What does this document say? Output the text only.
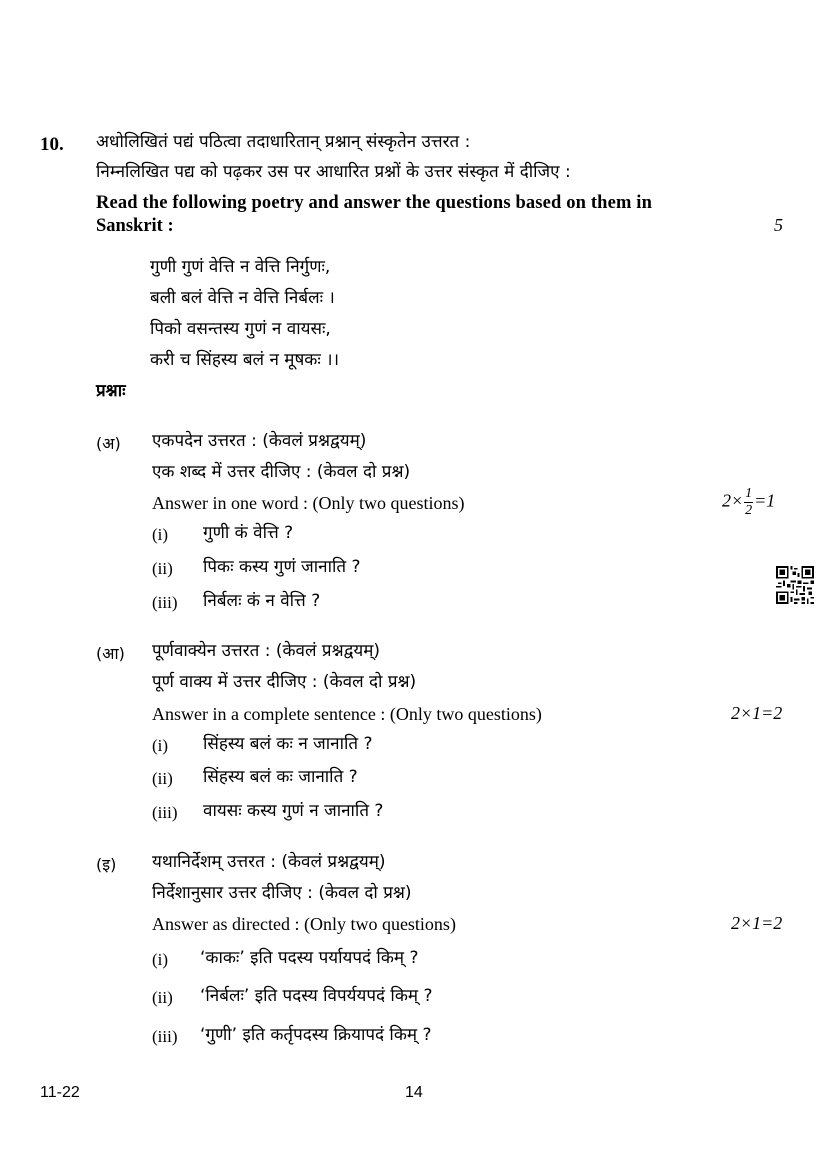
10. अधोलिखितं पद्यं पठित्वा तदाधारितान् प्रश्नान् संस्कृतेन उत्तरत :
निम्नलिखित पद्य को पढ़कर उस पर आधारित प्रश्नों के उत्तर संस्कृत में दीजिए :
Read the following poetry and answer the questions based on them in
Sanskrit :	5
गुणी गुणं वेत्ति न वेत्ति निर्गुणः,
बली बलं वेत्ति न वेत्ति निर्बलः ।
पिको वसन्तस्य गुणं न वायसः,
करी च सिंहस्य बलं न मूषकः ।।
प्रश्नाः
(अ) एकपदेन उत्तरत : (केवलं प्रश्नद्वयम्)
एक शब्द में उत्तर दीजिए : (केवल दो प्रश्न)
Answer in one word : (Only two questions)	$2\times \frac{1}{2} =1$
(i) गुणी कं वेत्ति ?
(ii) पिकः कस्य गुणं जानाति ?
(iii) निर्बलः कं न वेत्ति ?
(आ) पूर्णवाक्येन उत्तरत : (केवलं प्रश्नद्वयम्)
पूर्ण वाक्य में उत्तर दीजिए : (केवल दो प्रश्न)
Answer in a complete sentence : (Only two questions)	2×1=2
(i) सिंहस्य बलं कः न जानाति ?
(ii) सिंहस्य बलं कः जानाति ?
(iii) वायसः कस्य गुणं न जानाति ?
(इ) यथानिर्देशम् उत्तरत : (केवलं प्रश्नद्वयम्)
निर्देशानुसार उत्तर दीजिए : (केवल दो प्रश्न)
Answer as directed : (Only two questions)	2×1=2
(i) ‘काकः’ इति पदस्य पर्यायपदं किम् ?
(ii) ‘निर्बलः’ इति पदस्य विपर्ययपदं किम् ?
(iii) ‘गुणी’ इति कर्तृपदस्य क्रियापदं किम् ?
11-22	14
